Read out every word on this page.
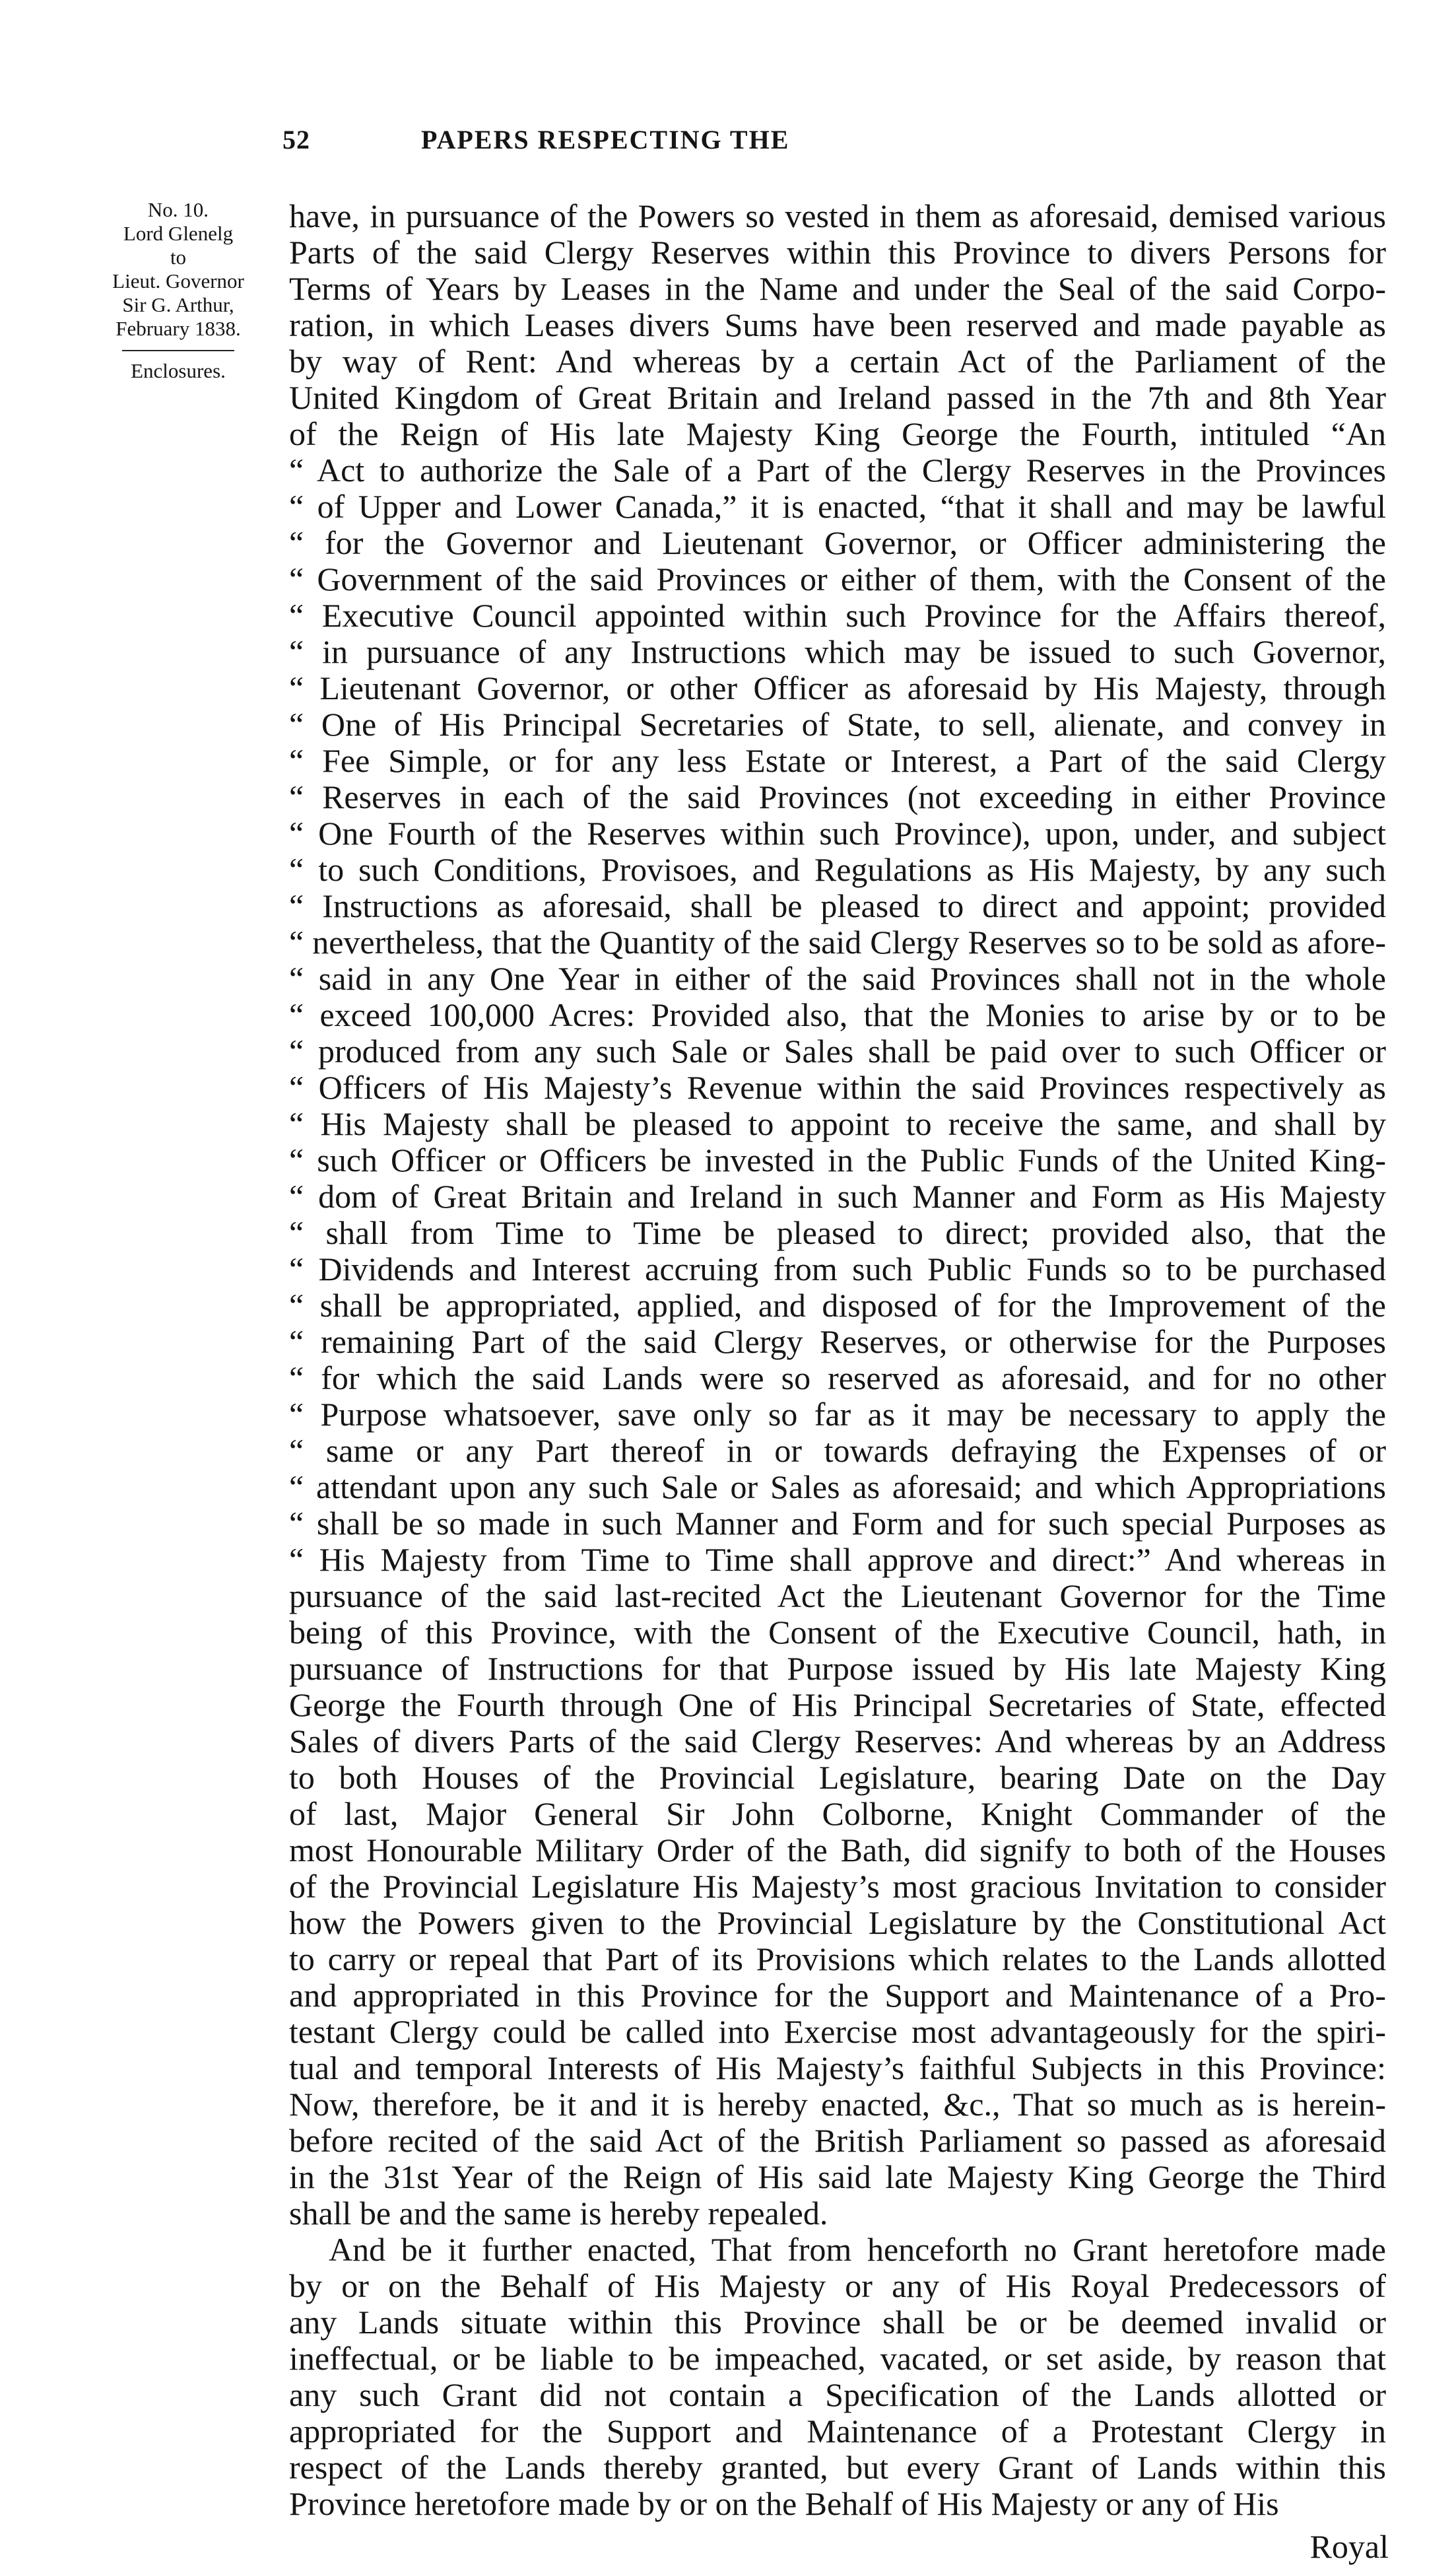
52	PAPERS RESPECTING THE
No. 10.
Lord Glenelg
to
Lieut. Governor
Sir G. Arthur,
February 1838.
Enclosures.
have, in pursuance of the Powers so vested in them as aforesaid, demised various
Parts of the said Clergy Reserves within this Province to divers Persons for
Terms of Years by Leases in the Name and under the Seal of the said Corpo-
ration, in which Leases divers Sums have been reserved and made payable as
by way of Rent: And whereas by a certain Act of the Parliament of the
United Kingdom of Great Britain and Ireland passed in the 7th and 8th Year
of the Reign of His late Majesty King George the Fourth, intituled “An
“ Act to authorize the Sale of a Part of the Clergy Reserves in the Provinces
“ of Upper and Lower Canada,” it is enacted, “that it shall and may be lawful
“ for the Governor and Lieutenant Governor, or Officer administering the
“ Government of the said Provinces or either of them, with the Consent of the
“ Executive Council appointed within such Province for the Affairs thereof,
“ in pursuance of any Instructions which may be issued to such Governor,
“ Lieutenant Governor, or other Officer as aforesaid by His Majesty, through
“ One of His Principal Secretaries of State, to sell, alienate, and convey in
“ Fee Simple, or for any less Estate or Interest, a Part of the said Clergy
“ Reserves in each of the said Provinces (not exceeding in either Province
“ One Fourth of the Reserves within such Province), upon, under, and subject
“ to such Conditions, Provisoes, and Regulations as His Majesty, by any such
“ Instructions as aforesaid, shall be pleased to direct and appoint; provided
“ nevertheless, that the Quantity of the said Clergy Reserves so to be sold as afore-
“ said in any One Year in either of the said Provinces shall not in the whole
“ exceed 100,000 Acres: Provided also, that the Monies to arise by or to be
“ produced from any such Sale or Sales shall be paid over to such Officer or
“ Officers of His Majesty’s Revenue within the said Provinces respectively as
“ His Majesty shall be pleased to appoint to receive the same, and shall by
“ such Officer or Officers be invested in the Public Funds of the United King-
“ dom of Great Britain and Ireland in such Manner and Form as His Majesty
“ shall from Time to Time be pleased to direct; provided also, that the
“ Dividends and Interest accruing from such Public Funds so to be purchased
“ shall be appropriated, applied, and disposed of for the Improvement of the
“ remaining Part of the said Clergy Reserves, or otherwise for the Purposes
“ for which the said Lands were so reserved as aforesaid, and for no other
“ Purpose whatsoever, save only so far as it may be necessary to apply the
“ same or any Part thereof in or towards defraying the Expenses of or
“ attendant upon any such Sale or Sales as aforesaid; and which Appropriations
“ shall be so made in such Manner and Form and for such special Purposes as
“ His Majesty from Time to Time shall approve and direct:” And whereas in
pursuance of the said last-recited Act the Lieutenant Governor for the Time
being of this Province, with the Consent of the Executive Council, hath, in
pursuance of Instructions for that Purpose issued by His late Majesty King
George the Fourth through One of His Principal Secretaries of State, effected
Sales of divers Parts of the said Clergy Reserves: And whereas by an Address
to both Houses of the Provincial Legislature, bearing Date on the Day
of last, Major General Sir John Colborne, Knight Commander of the
most Honourable Military Order of the Bath, did signify to both of the Houses
of the Provincial Legislature His Majesty’s most gracious Invitation to consider
how the Powers given to the Provincial Legislature by the Constitutional Act
to carry or repeal that Part of its Provisions which relates to the Lands allotted
and appropriated in this Province for the Support and Maintenance of a Pro-
testant Clergy could be called into Exercise most advantageously for the spiri-
tual and temporal Interests of His Majesty’s faithful Subjects in this Province:
Now, therefore, be it and it is hereby enacted, &c., That so much as is herein-
before recited of the said Act of the British Parliament so passed as aforesaid
in the 31st Year of the Reign of His said late Majesty King George the Third
shall be and the same is hereby repealed.
And be it further enacted, That from henceforth no Grant heretofore made
by or on the Behalf of His Majesty or any of His Royal Predecessors of
any Lands situate within this Province shall be or be deemed invalid or
ineffectual, or be liable to be impeached, vacated, or set aside, by reason that
any such Grant did not contain a Specification of the Lands allotted or
appropriated for the Support and Maintenance of a Protestant Clergy in
respect of the Lands thereby granted, but every Grant of Lands within this
Province heretofore made by or on the Behalf of His Majesty or any of His
Royal
